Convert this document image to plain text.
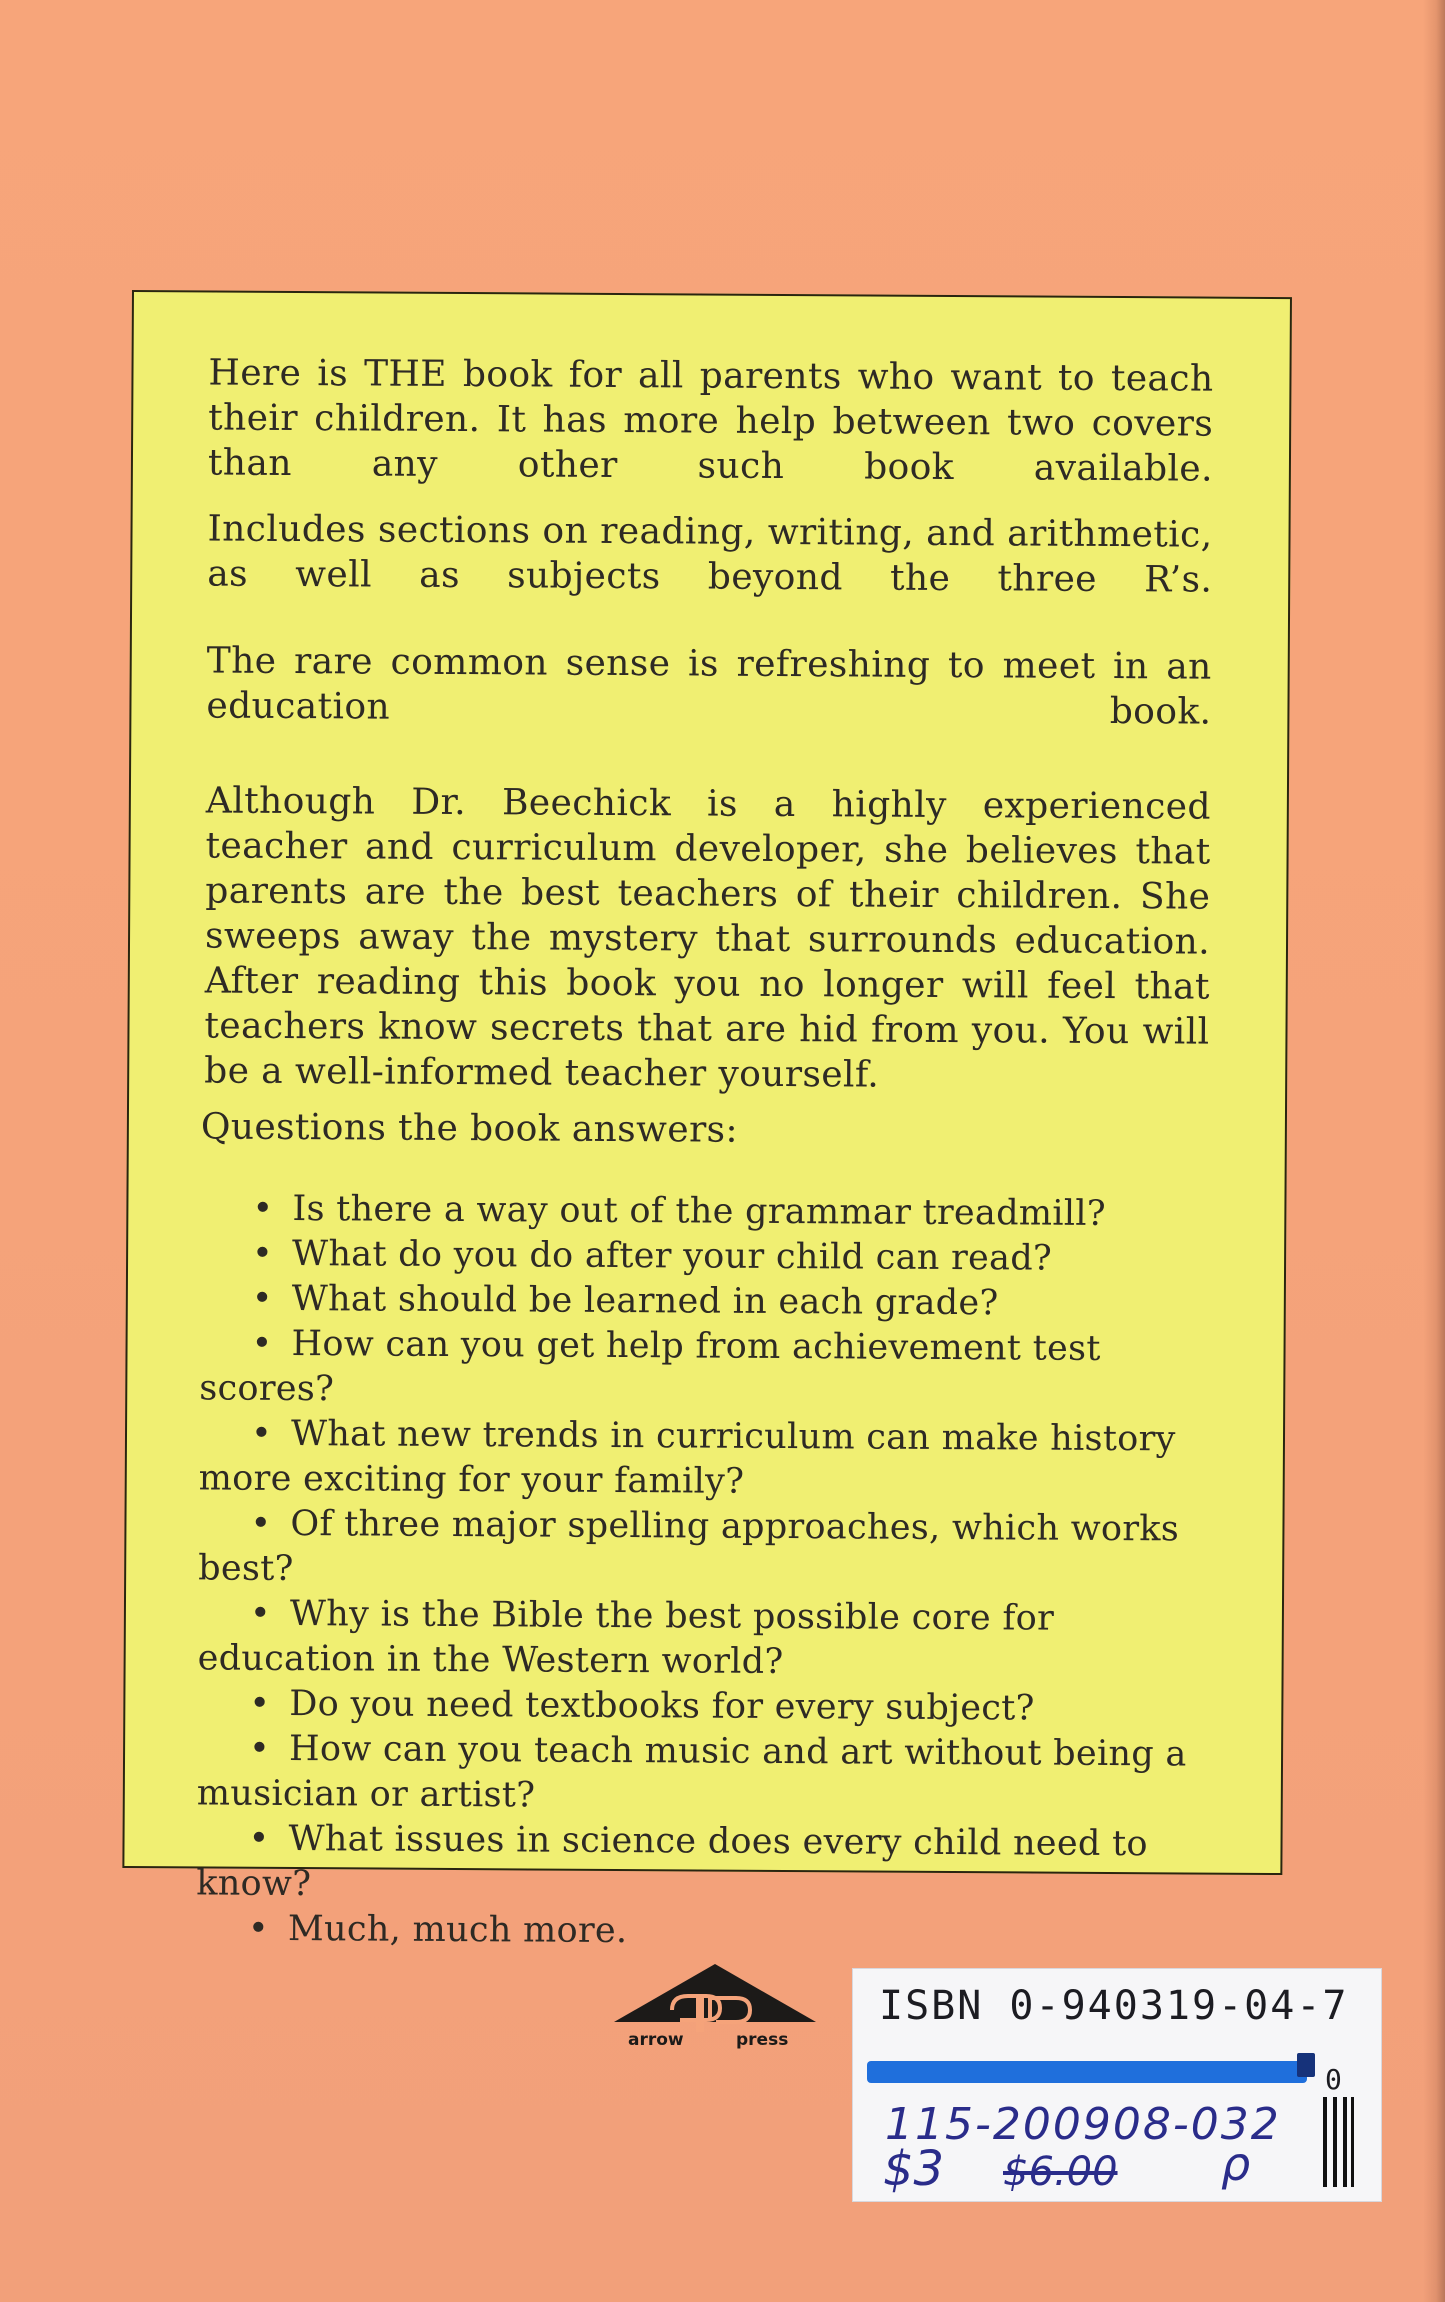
Here is THE book for all parents who want to teach their children. It has more help between two covers than any other such book available.

Includes sections on reading, writing, and arithmetic, as well as subjects beyond the three R’s.

The rare common sense is refreshing to meet in an education book.

Although Dr. Beechick is a highly experienced teacher and curriculum developer, she believes that parents are the best teachers of their children. She sweeps away the mystery that surrounds education. After reading this book you no longer will feel that teachers know secrets that are hid from you. You will be a well-informed teacher yourself.

Questions the book answers:
• Is there a way out of the grammar treadmill?
• What do you do after your child can read?
• What should be learned in each grade?
• How can you get help from achievement test scores?
• What new trends in curriculum can make history more exciting for your family?
• Of three major spelling approaches, which works best?
• Why is the Bible the best possible core for education in the Western world?
• Do you need textbooks for every subject?
• How can you teach music and art without being a musician or artist?
• What issues in science does every child need to know?
• Much, much more.
arrow	press
ISBN 0-940319-04-7
0
115-200908-032
$3 $6.00 ρ
